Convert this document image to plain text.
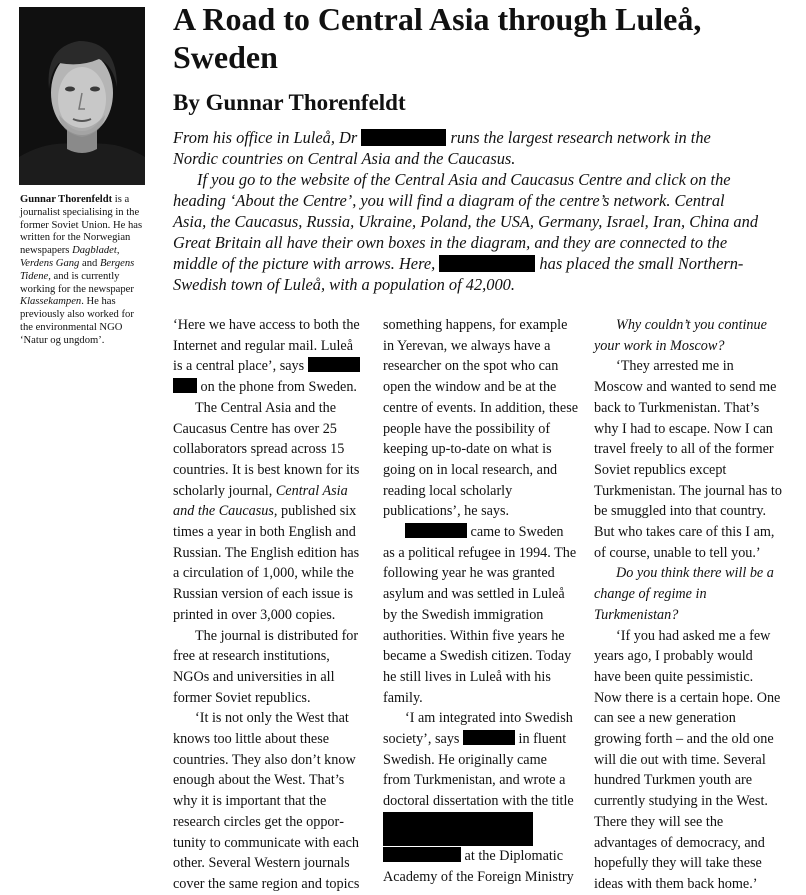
Gunnar Thorenfeldt is a journalist specialising in the former Soviet Union. He has written for the Norwegian newspapers Dagbladet, Verdens Gang and Bergens Tidene, and is currently working for the newspaper Klassekampen. He has previously also worked for the environmental NGO ‘Natur og ungdom’.
A Road to Central Asia through Luleå, Sweden
By Gunnar Thorenfeldt

From his office in Luleå, Dr	runs the largest research network in the Nordic countries on Central Asia and the Caucasus.

If you go to the website of the Central Asia and Caucasus Centre and click on the heading ‘About the Centre’, you will find a diagram of the centre’s network. Central Asia, the Caucasus, Russia, Ukraine, Poland, the USA, Germany, Israel, Iran, China and Great Britain all have their own boxes in the diagram, and they are connected to the middle of the picture with arrows. Here,	has placed the small Northern-Swedish town of Luleå, with a population of 42,000.

‘Here we have access to both the Internet and regular mail. Luleå is a central place’, says
on the phone from Sweden.

The Central Asia and the Caucasus Centre has over 25 collaborators spread across 15 countries. It is best known for its scholarly journal, Central Asia and the Caucasus, published six times a year in both English and Russian. The English edition has a circulation of 1,000, while the Russian version of each issue is printed in over 3,000 copies.

The journal is distributed for free at research institutions, NGOs and universities in all former Soviet republics.

‘It is not only the West that knows too little about these countries. They also don’t know enough about the West. That’s why it is important that the research circles get the opportunity to communicate with each other. Several Western journals cover the same region and topics

something happens, for example in Yerevan, we always have a researcher on the spot who can open the window and be at the centre of events. In addition, these people have the possibility of keeping up-to-date on what is going on in local research, and reading local scholarly publications’, he says.

came to Sweden as a political refugee in 1994. The following year he was granted asylum and was settled in Luleå by the Swedish immigration authorities. Within five years he became a Swedish citizen. Today he still lives in Luleå with his family.

‘I am integrated into Swedish society’, says	in fluent Swedish. He originally came from Turkmenistan, and wrote a doctoral dissertation with the title
at the Diplomatic Academy of the Foreign Ministry

Why couldn’t you continue your work in Moscow?

‘They arrested me in Moscow and wanted to send me back to Turkmenistan. That’s why I had to escape. Now I can travel freely to all of the former Soviet republics except Turkmenistan. The journal has to be smuggled into that country. But who takes care of this I am, of course, unable to tell you.’

Do you think there will be a change of regime in Turkmenistan?

‘If you had asked me a few years ago, I probably would have been quite pessimistic. Now there is a certain hope. One can see a new generation growing forth – and the old one will die out with time. Several hundred Turkmen youth are currently studying in the West. There they will see the advantages of democracy, and hopefully they will take these ideas with them back home.’
